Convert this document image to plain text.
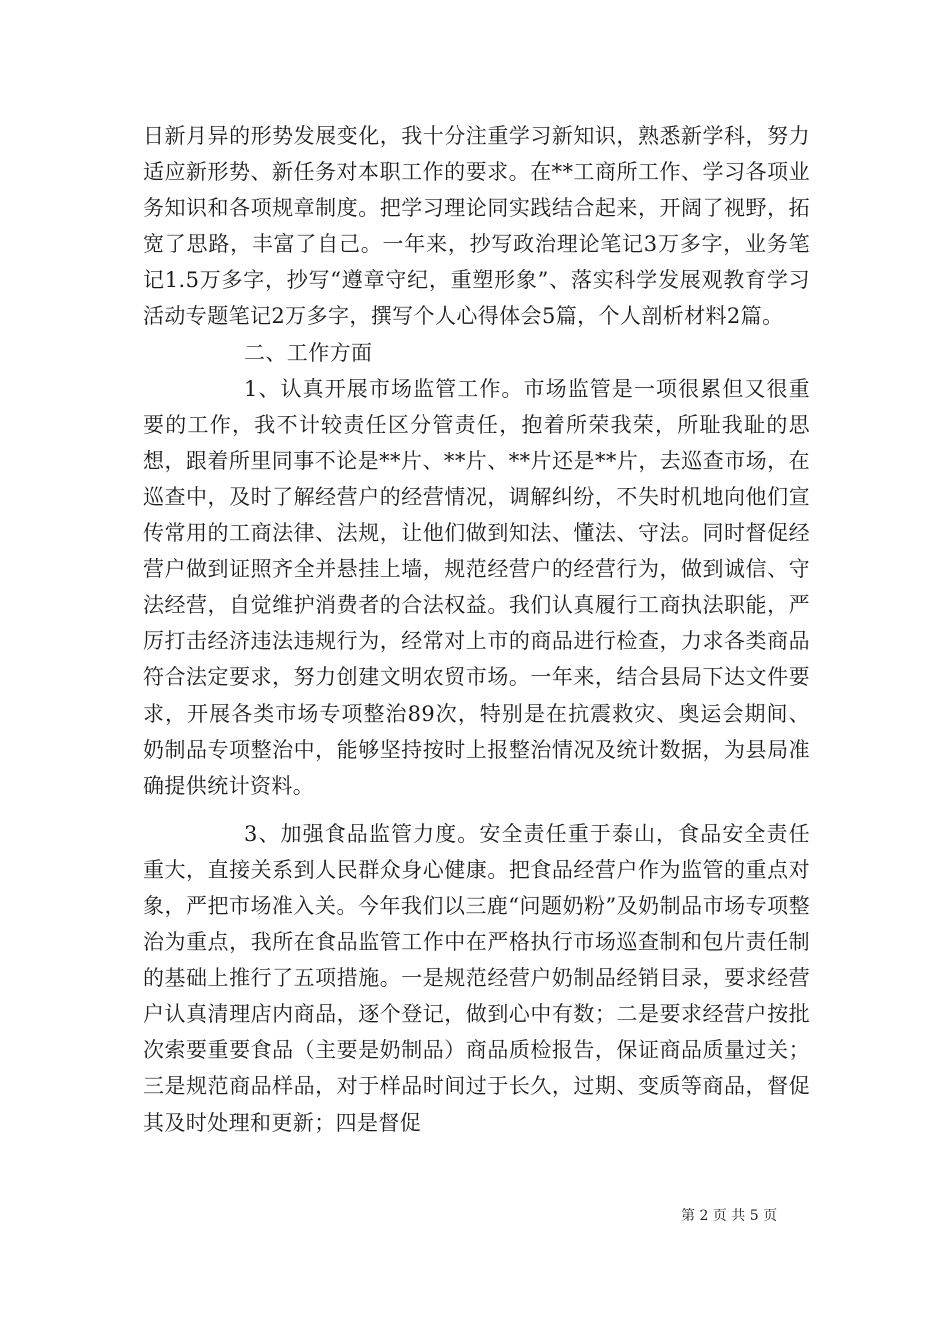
日新月异的形势发展变化，我十分注重学习新知识，熟悉新学科，努力适应新形势、新任务对本职工作的要求。在**工商所工作、学习各项业务知识和各项规章制度。把学习理论同实践结合起来，开阔了视野，拓宽了思路，丰富了自己。一年来，抄写政治理论笔记3万多字，业务笔记1.5万多字，抄写“遵章守纪，重塑形象”、落实科学发展观教育学习活动专题笔记2万多字，撰写个人心得体会5篇，个人剖析材料2篇。

二、工作方面

1、认真开展市场监管工作。市场监管是一项很累但又很重要的工作，我不计较责任区分管责任，抱着所荣我荣，所耻我耻的思想，跟着所里同事不论是**片、**片、**片还是**片，去巡查市场，在巡查中，及时了解经营户的经营情况，调解纠纷，不失时机地向他们宣传常用的工商法律、法规，让他们做到知法、懂法、守法。同时督促经营户做到证照齐全并悬挂上墙，规范经营户的经营行为，做到诚信、守法经营，自觉维护消费者的合法权益。我们认真履行工商执法职能，严厉打击经济违法违规行为，经常对上市的商品进行检查，力求各类商品符合法定要求，努力创建文明农贸市场。一年来，结合县局下达文件要求，开展各类市场专项整治89次，特别是在抗震救灾、奥运会期间、奶制品专项整治中，能够坚持按时上报整治情况及统计数据，为县局准确提供统计资料。

3、加强食品监管力度。安全责任重于泰山，食品安全责任重大，直接关系到人民群众身心健康。把食品经营户作为监管的重点对象，严把市场准入关。今年我们以三鹿“问题奶粉”及奶制品市场专项整治为重点，我所在食品监管工作中在严格执行市场巡查制和包片责任制的基础上推行了五项措施。一是规范经营户奶制品经销目录，要求经营户认真清理店内商品，逐个登记，做到心中有数；二是要求经营户按批次索要重要食品（主要是奶制品）商品质检报告，保证商品质量过关；三是规范商品样品，对于样品时间过于长久，过期、变质等商品，督促其及时处理和更新；四是督促

第 2 页 共 5 页
